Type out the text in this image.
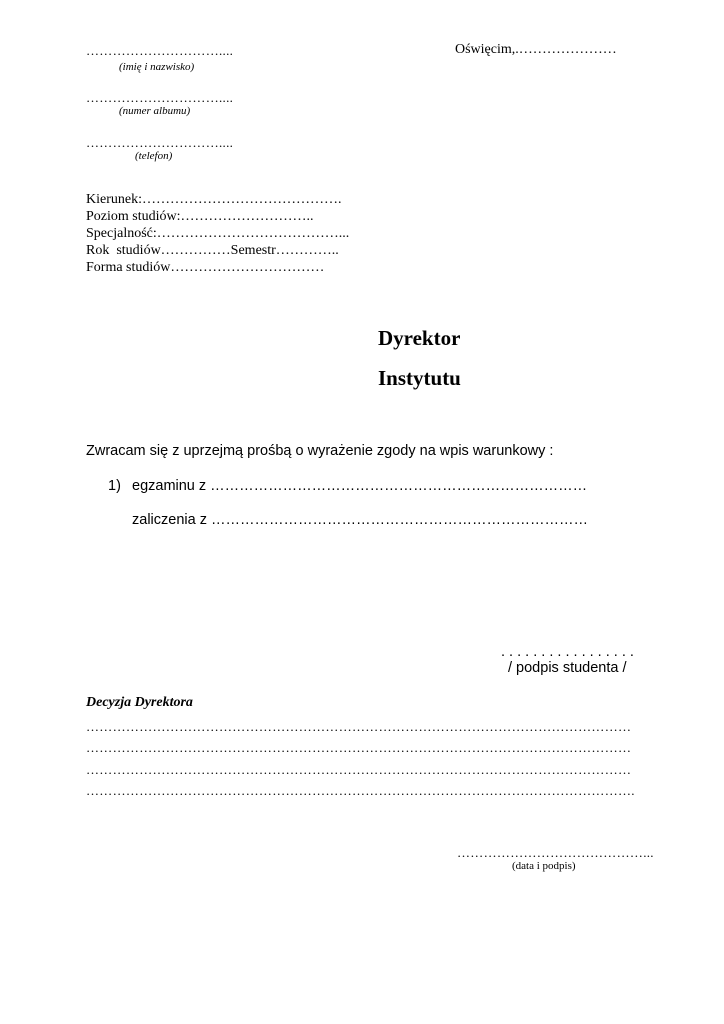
…………………………....
(imię i nazwisko)
…………………………....
(numer albumu)
…………………………....
(telefon)
Oświęcim,.…………………
Kierunek:…………………………………….
Poziom studiów:………………………..
Specjalność:…………………………………...
Rok  studiów……………Semestr…………..
Forma studiów……………………………
Dyrektor
Instytutu
Zwracam się z uprzejmą prośbą o wyrażenie zgody na wpis warunkowy :
1) egzaminu z ……………………………………………………………………
zaliczenia z ……………………………………………………………………
. . . . . . . . . . . . . . . . .
/ podpis studenta /
Decyzja Dyrektora
……………………………………………………………………………………………………………
……………………………………………………………………………………………………………
……………………………………………………………………………………………………………
…………………………………………………………………………………………………………….
……………………………………...
(data i podpis)
